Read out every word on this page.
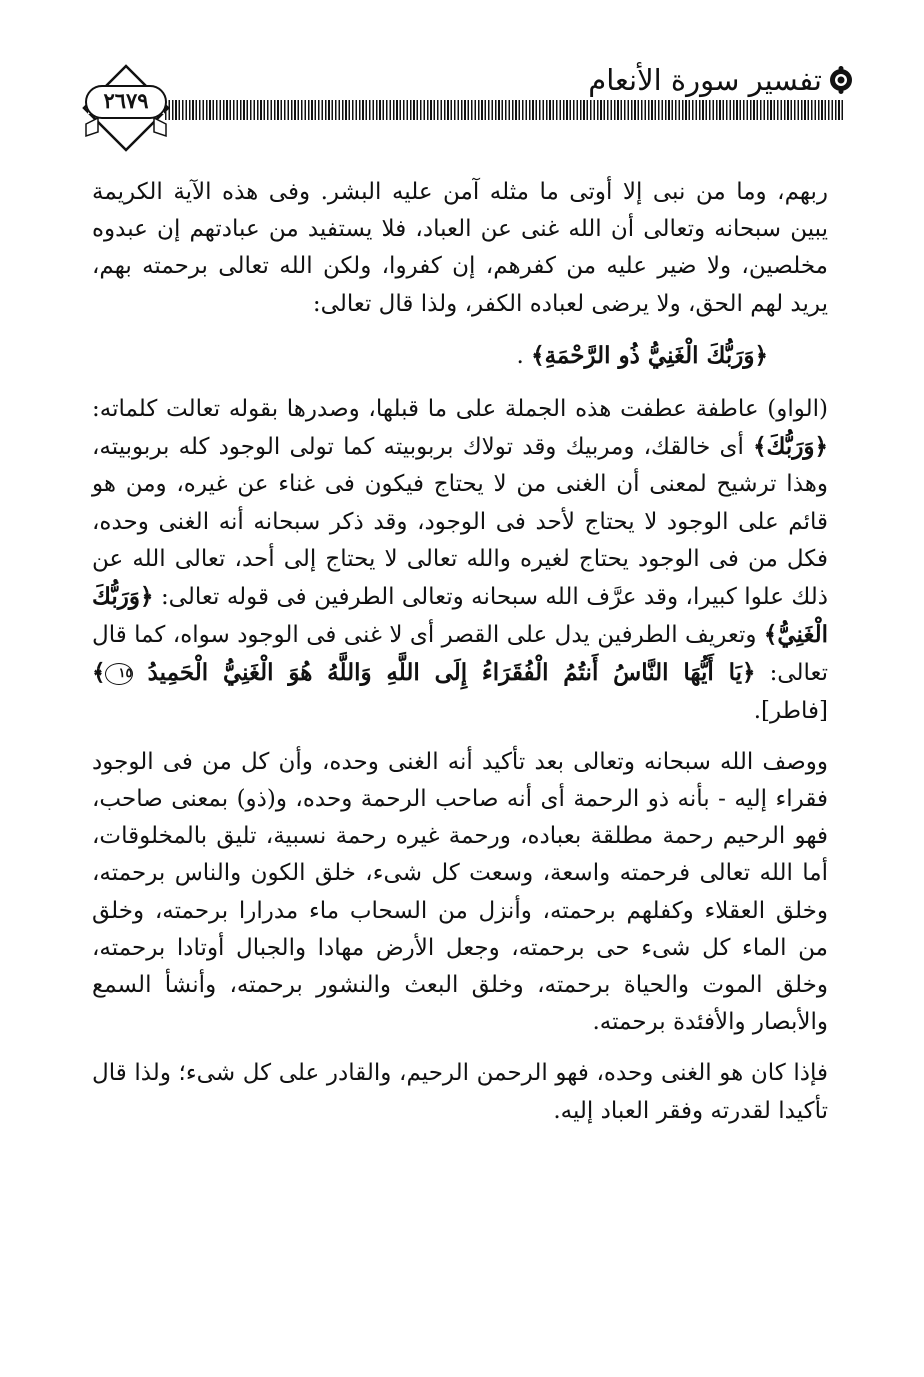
٢٦٧٩
تفسير سورة الأنعام

ربهم، وما من نبى إلا أوتى ما مثله آمن عليه البشر. وفى هذه الآية الكريمة يبين سبحانه وتعالى أن الله غنى عن العباد، فلا يستفيد من عبادتهم إن عبدوه مخلصين، ولا ضير عليه من كفرهم، إن كفروا، ولكن الله تعالى برحمته بهم، يريد لهم الحق، ولا يرضى لعباده الكفر، ولذا قال تعالى:

﴿وَرَبُّكَ الْغَنِيُّ ذُو الرَّحْمَةِ﴾ .

(الواو) عاطفة عطفت هذه الجملة على ما قبلها، وصدرها بقوله تعالت كلماته: ﴿وَرَبُّكَ﴾ أى خالقك، ومربيك وقد تولاك بربوبيته كما تولى الوجود كله بربوبيته، وهذا ترشيح لمعنى أن الغنى من لا يحتاج فيكون فى غناء عن غيره، ومن هو قائم على الوجود لا يحتاج لأحد فى الوجود، وقد ذكر سبحانه أنه الغنى وحده، فكل من فى الوجود يحتاج لغيره والله تعالى لا يحتاج إلى أحد، تعالى الله عن ذلك علوا كبيرا، وقد عرَّف الله سبحانه وتعالى الطرفين فى قوله تعالى: ﴿وَرَبُّكَ الْغَنِيُّ﴾ وتعريف الطرفين يدل على القصر أى لا غنى فى الوجود سواه، كما قال تعالى: ﴿يَا أَيُّهَا النَّاسُ أَنتُمُ الْفُقَرَاءُ إِلَى اللَّهِ وَاللَّهُ هُوَ الْغَنِيُّ الْحَمِيدُ ١٥﴾ [فاطر].

ووصف الله سبحانه وتعالى بعد تأكيد أنه الغنى وحده، وأن كل من فى الوجود فقراء إليه - بأنه ذو الرحمة أى أنه صاحب الرحمة وحده، و(ذو) بمعنى صاحب، فهو الرحيم رحمة مطلقة بعباده، ورحمة غيره رحمة نسبية، تليق بالمخلوقات، أما الله تعالى فرحمته واسعة، وسعت كل شىء، خلق الكون والناس برحمته، وخلق العقلاء وكفلهم برحمته، وأنزل من السحاب ماء مدرارا برحمته، وخلق من الماء كل شىء حى برحمته، وجعل الأرض مهادا والجبال أوتادا برحمته، وخلق الموت والحياة برحمته، وخلق البعث والنشور برحمته، وأنشأ السمع والأبصار والأفئدة برحمته.

فإذا كان هو الغنى وحده، فهو الرحمن الرحيم، والقادر على كل شىء؛ ولذا قال تأكيدا لقدرته وفقر العباد إليه.
